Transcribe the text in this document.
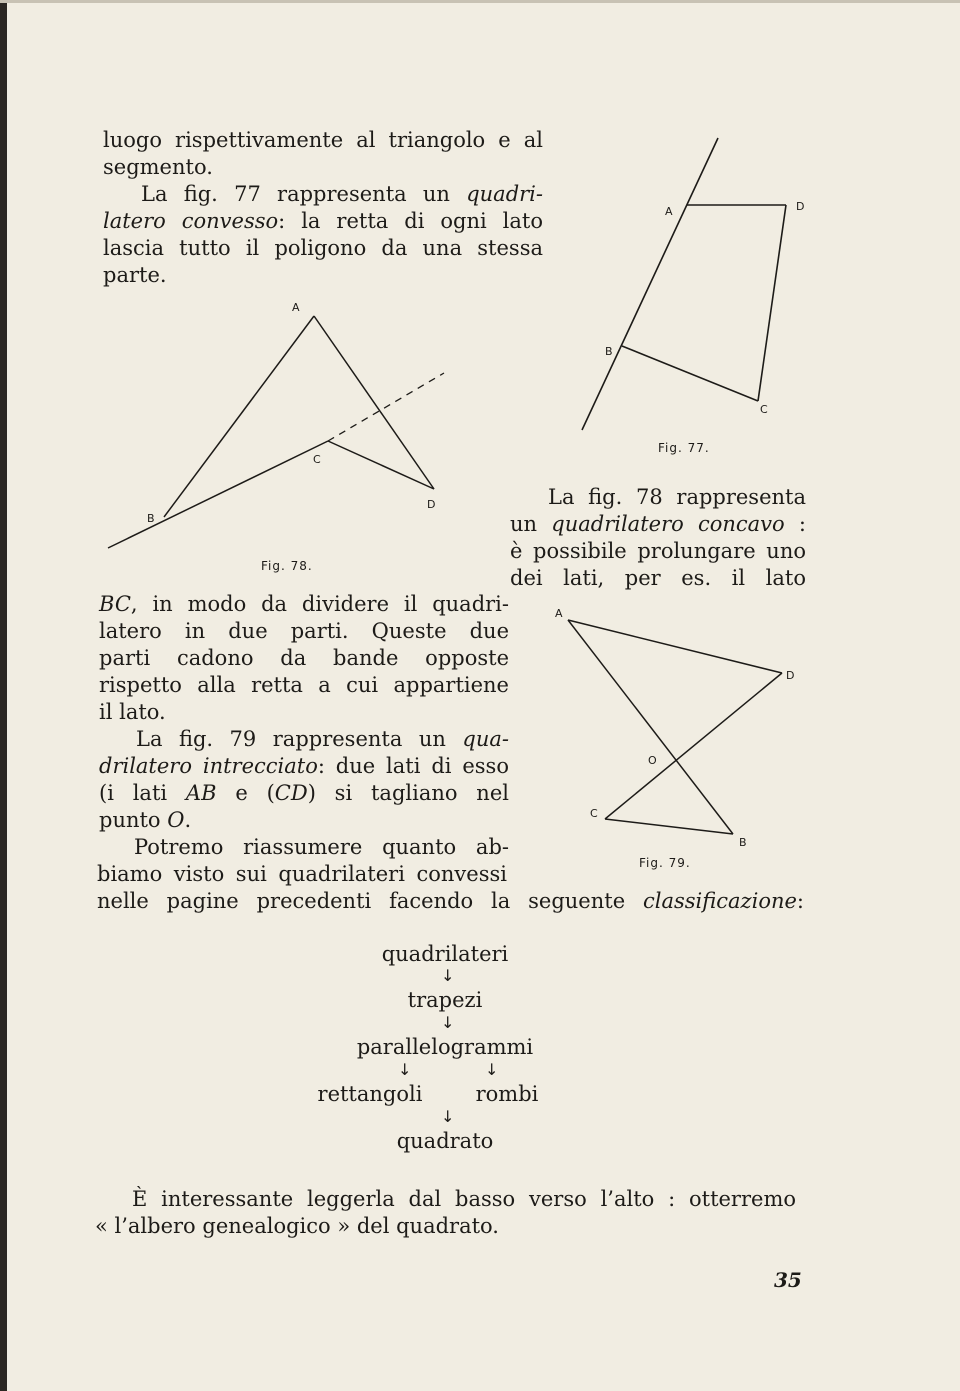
luogo rispettivamente al triangolo e al
segmento.
La fig. 77 rappresenta un quadri-
latero convesso: la retta di ogni lato
lascia tutto il poligono da una stessa
parte.
A	D
B
C
Fig. 77.
A
C
D
B
Fig. 78.
La fig. 78 rappresenta
un quadrilatero concavo :
è possibile prolungare uno
dei lati, per es. il lato
BC, in modo da dividere il quadri-
latero in due parti. Queste due
parti cadono da bande opposte
rispetto alla retta a cui appartiene
il lato.
La fig. 79 rappresenta un qua-
drilatero intrecciato: due lati di esso
(i lati AB e (CD) si tagliano nel
punto O.
Potremo riassumere quanto ab-
biamo visto sui quadrilateri convessi
nelle pagine precedenti facendo la seguente classificazione:
A
D
O
C
B
Fig. 79.
quadrilateri
↓
trapezi
↓
parallelogrammi
↓	↓
rettangoli	rombi
↓
quadrato
È interessante leggerla dal basso verso l’alto : otterremo
« l’albero genealogico » del quadrato.
35
